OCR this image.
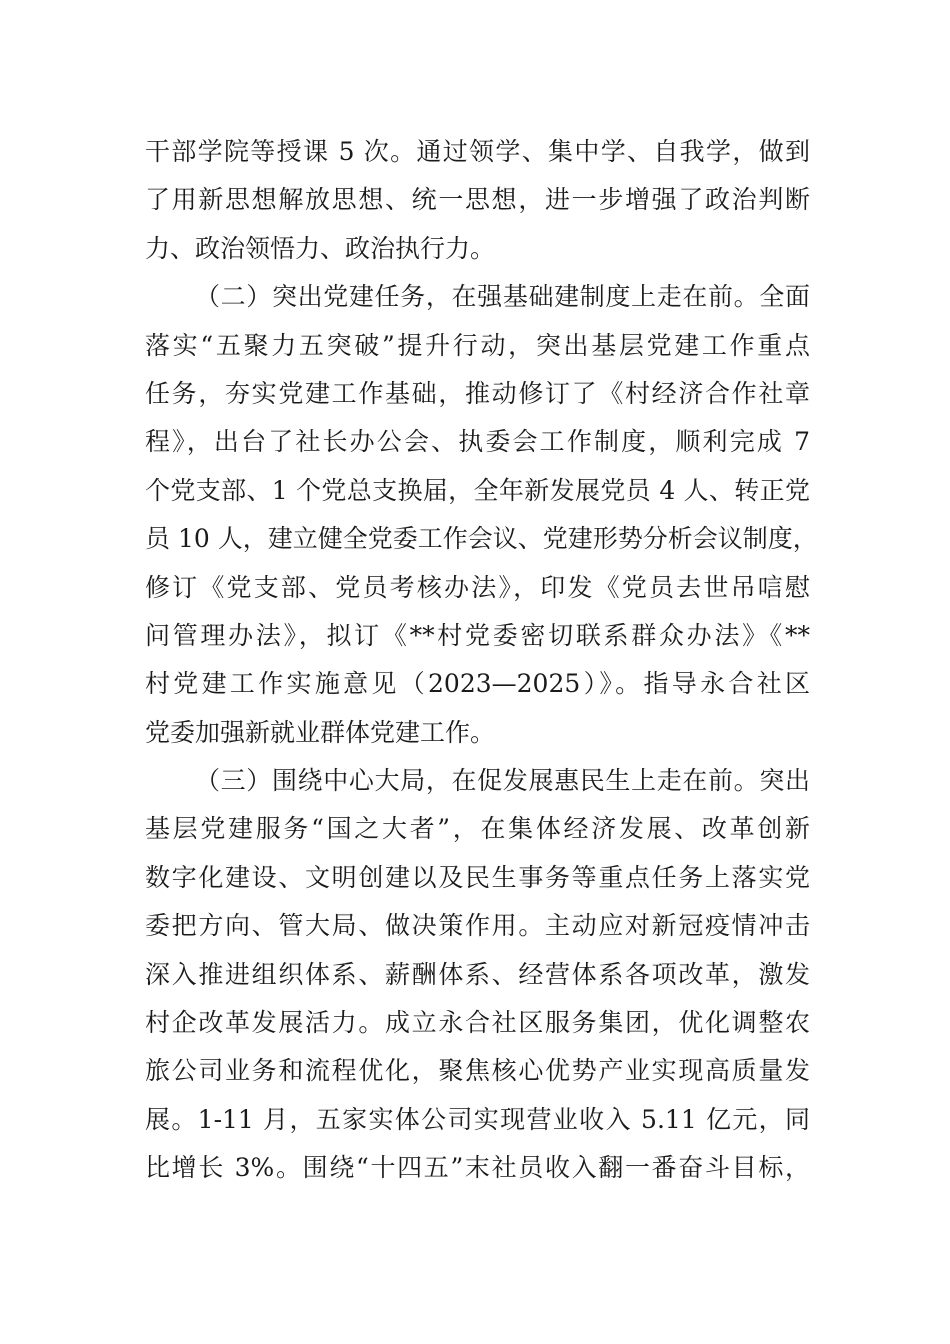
干部学院等授课 5 次。通过领学、集中学、自我学，做到
了用新思想解放思想、统一思想，进一步增强了政治判断
力、政治领悟力、政治执行力。
（二）突出党建任务，在强基础建制度上走在前。全面
落实“五聚力五突破”提升行动，突出基层党建工作重点
任务，夯实党建工作基础，推动修订了《村经济合作社章
程》，出台了社长办公会、执委会工作制度，顺利完成 7
个党支部、1 个党总支换届，全年新发展党员 4 人、转正党
员 10 人，建立健全党委工作会议、党建形势分析会议制度，
修订《党支部、党员考核办法》，印发《党员去世吊唁慰
问管理办法》，拟订《**村党委密切联系群众办法》《**
村党建工作实施意见（2023—2025）》。指导永合社区
党委加强新就业群体党建工作。
（三）围绕中心大局，在促发展惠民生上走在前。突出
基层党建服务“国之大者”，在集体经济发展、改革创新
数字化建设、文明创建以及民生事务等重点任务上落实党
委把方向、管大局、做决策作用。主动应对新冠疫情冲击
深入推进组织体系、薪酬体系、经营体系各项改革，激发
村企改革发展活力。成立永合社区服务集团，优化调整农
旅公司业务和流程优化，聚焦核心优势产业实现高质量发
展。1-11 月，五家实体公司实现营业收入 5.11 亿元，同
比增长 3%。围绕“十四五”末社员收入翻一番奋斗目标，
